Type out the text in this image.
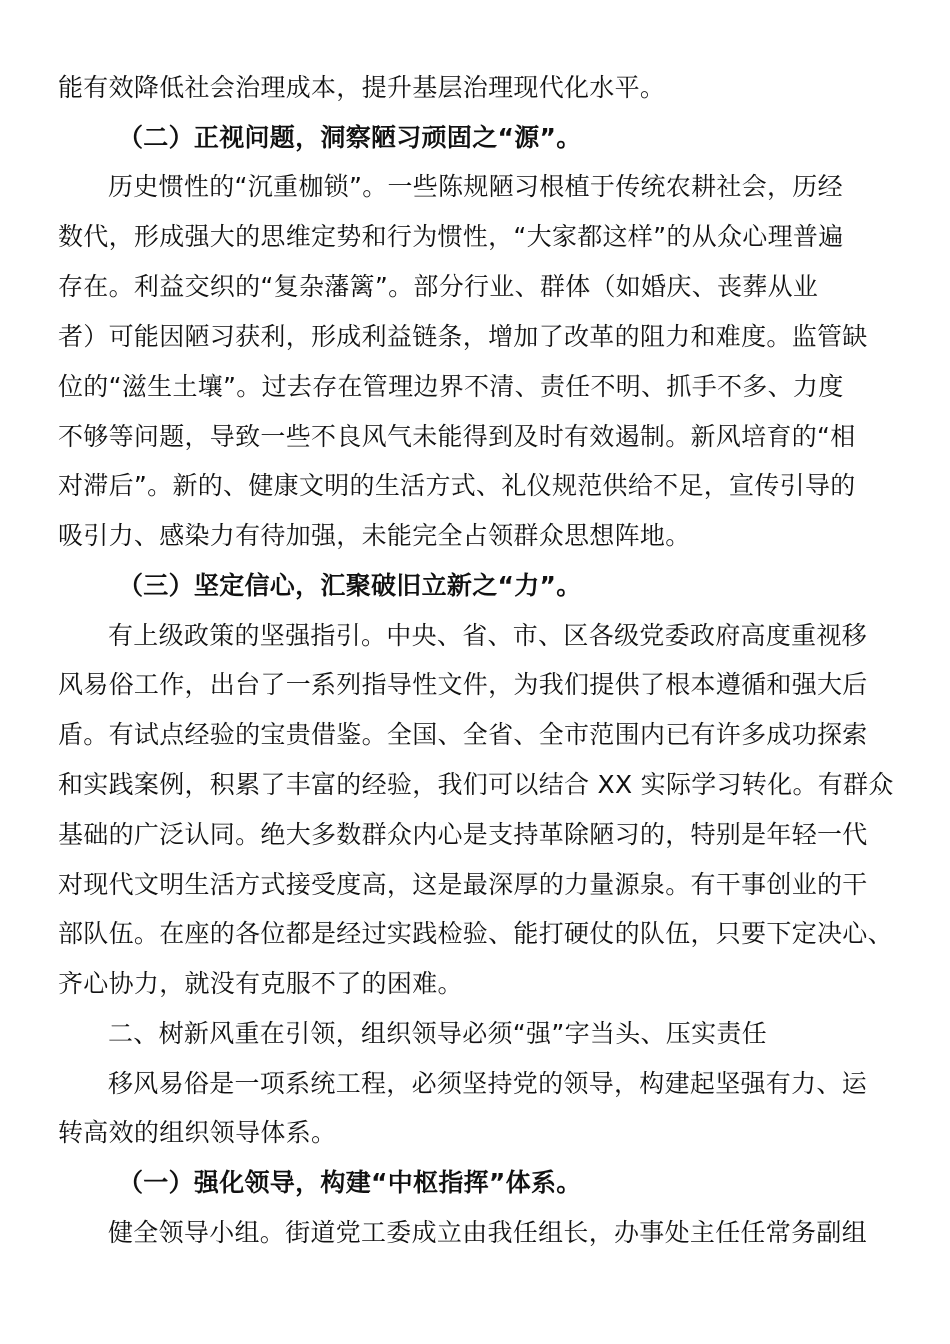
能有效降低社会治理成本，提升基层治理现代化水平。
（二）正视问题，洞察陋习顽固之“源”。
历史惯性的“沉重枷锁”。一些陈规陋习根植于传统农耕社会，历经
数代，形成强大的思维定势和行为惯性，“大家都这样”的从众心理普遍
存在。利益交织的“复杂藩篱”。部分行业、群体（如婚庆、丧葬从业
者）可能因陋习获利，形成利益链条，增加了改革的阻力和难度。监管缺
位的“滋生土壤”。过去存在管理边界不清、责任不明、抓手不多、力度
不够等问题，导致一些不良风气未能得到及时有效遏制。新风培育的“相
对滞后”。新的、健康文明的生活方式、礼仪规范供给不足，宣传引导的
吸引力、感染力有待加强，未能完全占领群众思想阵地。
（三）坚定信心，汇聚破旧立新之“力”。
有上级政策的坚强指引。中央、省、市、区各级党委政府高度重视移
风易俗工作，出台了一系列指导性文件，为我们提供了根本遵循和强大后
盾。有试点经验的宝贵借鉴。全国、全省、全市范围内已有许多成功探索
和实践案例，积累了丰富的经验，我们可以结合 XX 实际学习转化。有群众
基础的广泛认同。绝大多数群众内心是支持革除陋习的，特别是年轻一代
对现代文明生活方式接受度高，这是最深厚的力量源泉。有干事创业的干
部队伍。在座的各位都是经过实践检验、能打硬仗的队伍，只要下定决心、
齐心协力，就没有克服不了的困难。
二、树新风重在引领，组织领导必须“强”字当头、压实责任
移风易俗是一项系统工程，必须坚持党的领导，构建起坚强有力、运
转高效的组织领导体系。
（一）强化领导，构建“中枢指挥”体系。
健全领导小组。街道党工委成立由我任组长，办事处主任任常务副组
